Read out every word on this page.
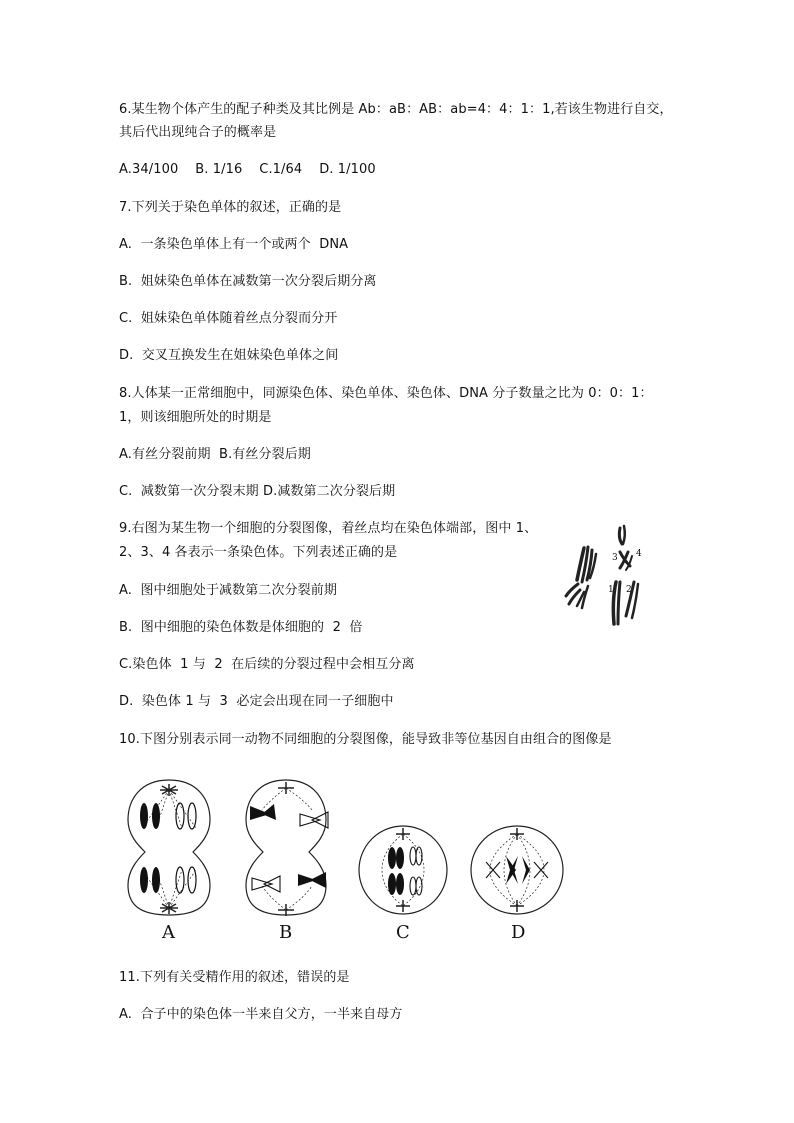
6.某生物个体产生的配子种类及其比例是 Ab：aB：AB：ab=4：4：1：1,若该生物进行自交，
其后代出现纯合子的概率是
A.34/100    B. 1/16    C.1/64    D. 1/100
7.下列关于染色单体的叙述，正确的是
A.  一条染色单体上有一个或两个  DNA
B.  姐妹染色单体在减数第一次分裂后期分离
C.  姐妹染色单体随着丝点分裂而分开
D.  交叉互换发生在姐妹染色单体之间
8.人体某一正常细胞中，同源染色体、染色单体、染色体、DNA 分子数量之比为 0：0：1：
1，则该细胞所处的时期是
A.有丝分裂前期  B.有丝分裂后期
C.  减数第一次分裂末期 D.减数第二次分裂后期
9.右图为某生物一个细胞的分裂图像，着丝点均在染色体端部，图中 1、
2、3、4 各表示一条染色体。下列表述正确的是
A.  图中细胞处于减数第二次分裂前期
B.  图中细胞的染色体数是体细胞的  2  倍
C.染色体  1 与  2  在后续的分裂过程中会相互分离
D.  染色体 1 与  3  必定会出现在同一子细胞中
3 4
1 2
10.下图分别表示同一动物不同细胞的分裂图像，能导致非等位基因自由组合的图像是
A	B	C	D
11.下列有关受精作用的叙述，错误的是
A.  合子中的染色体一半来自父方，一半来自母方
